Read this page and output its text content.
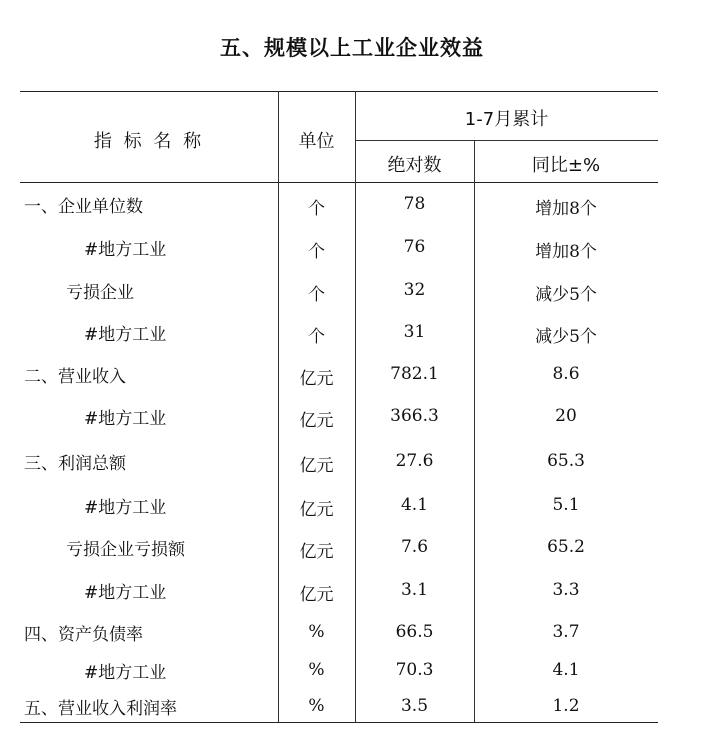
五、规模以上工业企业效益
指 标 名 称	单位
1-7月累计
绝对数	同比±%
一、企业单位数	个	78	增加8个
#地方工业	个	76	增加8个
亏损企业	个	32	减少5个
#地方工业	个	31	减少5个
二、营业收入	亿元	782.1	8.6
#地方工业	亿元	366.3	20
三、利润总额	亿元	27.6	65.3
#地方工业	亿元	4.1	5.1
亏损企业亏损额	亿元	7.6	65.2
#地方工业	亿元	3.1	3.3
四、资产负债率	%	66.5	3.7
#地方工业	%	70.3	4.1
五、营业收入利润率	%	3.5	1.2
